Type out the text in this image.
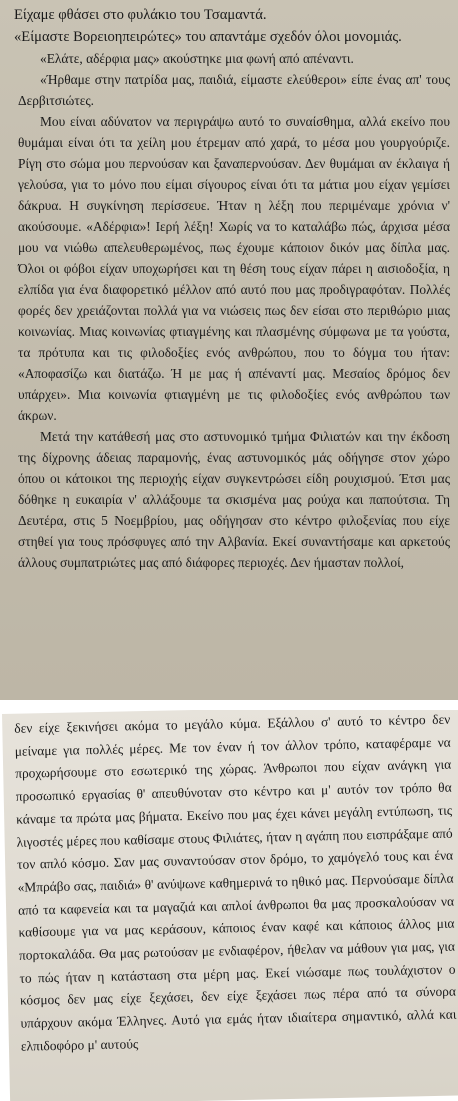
Είχαμε φθάσει στο φυλάκιο του Τσαμαντά.

«Είμαστε Βορειοηπειρώτες» του απαντάμε σχεδόν όλοι μονομιάς.

«Ελάτε, αδέρφια μας» ακούστηκε μια φωνή από απέναντι.

«Ήρθαμε στην πατρίδα μας, παιδιά, είμαστε ελεύθεροι» είπε ένας απ' τους Δερβιτσιώτες.

Μου είναι αδύνατον να περιγράψω αυτό το συναίσθημα, αλλά εκείνο που θυμάμαι είναι ότι τα χείλη μου έτρεμαν από χαρά, το μέσα μου γουργούριζε. Ρίγη στο σώμα μου περνούσαν και ξαναπερνούσαν. Δεν θυμάμαι αν έκλαιγα ή γελούσα, για το μόνο που είμαι σίγουρος είναι ότι τα μάτια μου είχαν γεμίσει δάκρυα. Η συγκίνηση περίσσευε. Ήταν η λέξη που περιμέναμε χρόνια ν' ακούσουμε. «Αδέρφια»! Ιερή λέξη! Χωρίς να το καταλάβω πώς, άρχισα μέσα μου να νιώθω απελευθερωμένος, πως έχουμε κάποιον δικόν μας δίπλα μας. Όλοι οι φόβοι είχαν υποχωρήσει και τη θέση τους είχαν πάρει η αισιοδοξία, η ελπίδα για ένα διαφορετικό μέλλον από αυτό που μας προδιγραφόταν. Πολλές φορές δεν χρειάζονται πολλά για να νιώσεις πως δεν είσαι στο περιθώριο μιας κοινωνίας. Μιας κοινωνίας φτιαγμένης και πλασμένης σύμφωνα με τα γούστα, τα πρότυπα και τις φιλοδοξίες ενός ανθρώπου, που το δόγμα του ήταν: «Αποφασίζω και διατάζω. Ή με μας ή απέναντί μας. Μεσαίος δρόμος δεν υπάρχει». Μια κοινωνία φτιαγμένη με τις φιλοδοξίες ενός ανθρώπου των άκρων.

Μετά την κατάθεσή μας στο αστυνομικό τμήμα Φιλιατών και την έκδοση της δίχρονης άδειας παραμονής, ένας αστυνομικός μάς οδήγησε στον χώρο όπου οι κάτοικοι της περιοχής είχαν συγκεντρώσει είδη ρουχισμού. Έτσι μας δόθηκε η ευκαιρία ν' αλλάξουμε τα σκισμένα μας ρούχα και παπούτσια. Τη Δευτέρα, στις 5 Νοεμβρίου, μας οδήγησαν στο κέντρο φιλοξενίας που είχε στηθεί για τους πρόσφυγες από την Αλβανία. Εκεί συναντήσαμε και αρκετούς άλλους συμπατριώτες μας από διάφορες περιοχές. Δεν ήμασταν πολλοί,

δεν είχε ξεκινήσει ακόμα το μεγάλο κύμα. Εξάλλου σ' αυτό το κέντρο δεν μείναμε για πολλές μέρες. Με τον έναν ή τον άλλον τρόπο, καταφέραμε να προχωρήσουμε στο εσωτερικό της χώρας. Άνθρωποι που είχαν ανάγκη για προσωπικό εργασίας θ' απευθύνοταν στο κέντρο και μ' αυτόν τον τρόπο θα κάναμε τα πρώτα μας βήματα. Εκείνο που μας έχει κάνει μεγάλη εντύπωση, τις λιγοστές μέρες που καθίσαμε στους Φιλιάτες, ήταν η αγάπη που εισπράξαμε από τον απλό κόσμο. Σαν μας συναντούσαν στον δρόμο, το χαμόγελό τους και ένα «Μπράβο σας, παιδιά» θ' ανύψωνε καθημερινά το ηθικό μας. Περνούσαμε δίπλα από τα καφενεία και τα μαγαζιά και απλοί άνθρωποι θα μας προσκαλούσαν να καθίσουμε για να μας κεράσουν, κάποιος έναν καφέ και κάποιος άλλος μια πορτοκαλάδα. Θα μας ρωτούσαν με ενδιαφέρον, ήθελαν να μάθουν για μας, για το πώς ήταν η κατάσταση στα μέρη μας. Εκεί νιώσαμε πως τουλάχιστον ο κόσμος δεν μας είχε ξεχάσει, δεν είχε ξεχάσει πως πέρα από τα σύνορα υπάρχουν ακόμα Έλληνες. Αυτό για εμάς ήταν ιδιαίτερα σημαντικό, αλλά και ελπιδοφόρο μ' αυτούς
